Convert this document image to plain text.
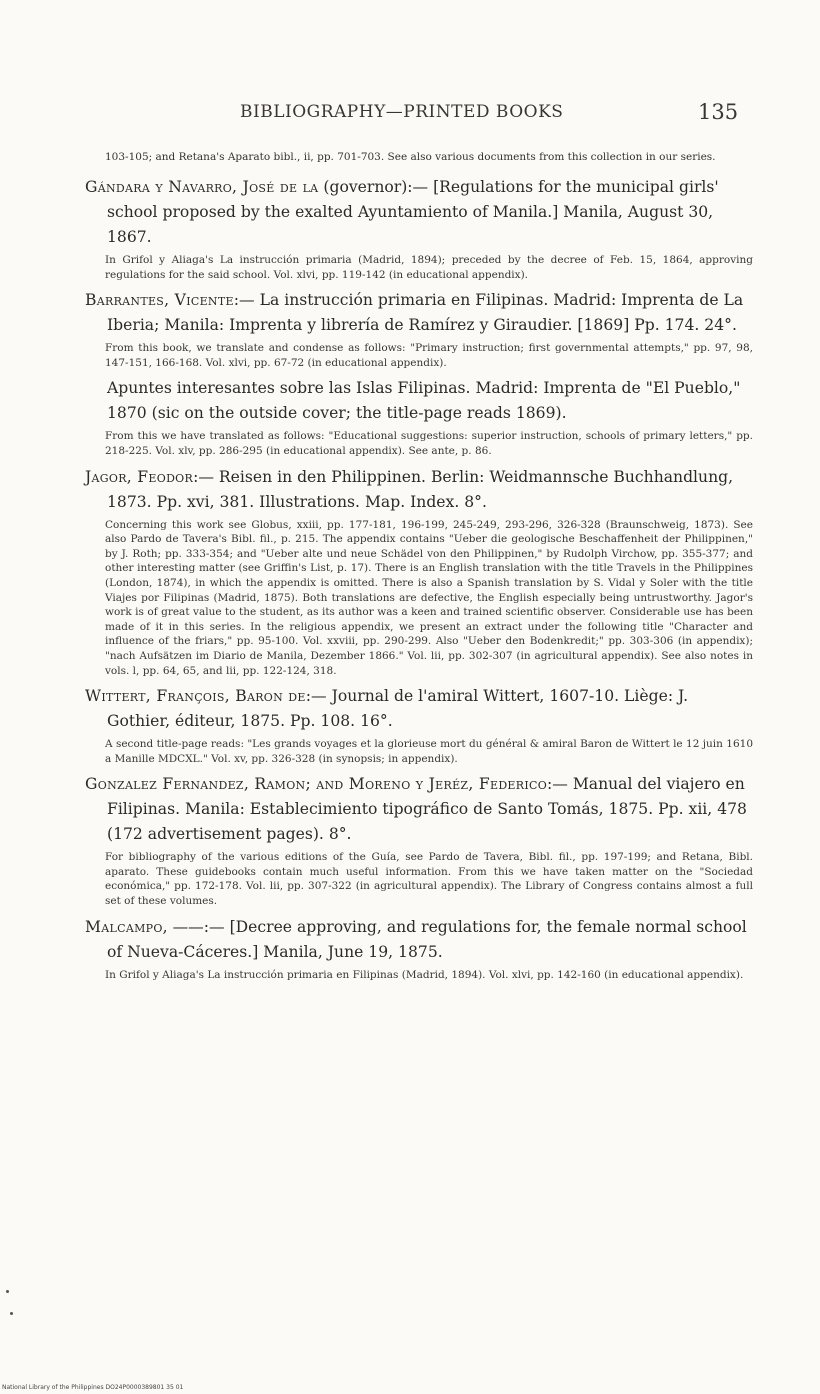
BIBLIOGRAPHY—PRINTED BOOKS	135

103-105; and Retana's Aparato bibl., ii, pp. 701-703. See also various documents from this collection in our series.

Gándara y Navarro, José de la (governor):— [Regulations for the municipal girls' school proposed by the exalted Ayuntamiento of Manila.] Manila, August 30, 1867.

In Grifol y Aliaga's La instrucción primaria (Madrid, 1894); preceded by the decree of Feb. 15, 1864, approving regulations for the said school. Vol. xlvi, pp. 119-142 (in educational appendix).

Barrantes, Vicente:— La instrucción primaria en Filipinas. Madrid: Imprenta de La Iberia; Manila: Imprenta y librería de Ramírez y Giraudier. [1869] Pp. 174. 24°.

From this book, we translate and condense as follows: "Primary instruction; first governmental attempts," pp. 97, 98, 147-151, 166-168. Vol. xlvi, pp. 67-72 (in educational appendix).

Apuntes interesantes sobre las Islas Filipinas. Madrid: Imprenta de "El Pueblo," 1870 (sic on the outside cover; the title-page reads 1869).

From this we have translated as follows: "Educational suggestions: superior instruction, schools of primary letters," pp. 218-225. Vol. xlv, pp. 286-295 (in educational appendix). See ante, p. 86.

Jagor, Feodor:— Reisen in den Philippinen. Berlin: Weidmannsche Buchhandlung, 1873. Pp. xvi, 381. Illustrations. Map. Index. 8°.

Concerning this work see Globus, xxiii, pp. 177-181, 196-199, 245-249, 293-296, 326-328 (Braunschweig, 1873). See also Pardo de Tavera's Bibl. fil., p. 215. The appendix contains "Ueber die geologische Beschaffenheit der Philippinen," by J. Roth; pp. 333-354; and "Ueber alte und neue Schädel von den Philippinen," by Rudolph Virchow, pp. 355-377; and other interesting matter (see Griffin's List, p. 17). There is an English translation with the title Travels in the Philippines (London, 1874), in which the appendix is omitted. There is also a Spanish translation by S. Vidal y Soler with the title Viajes por Filipinas (Madrid, 1875). Both translations are defective, the English especially being untrustworthy. Jagor's work is of great value to the student, as its author was a keen and trained scientific observer. Considerable use has been made of it in this series. In the religious appendix, we present an extract under the following title "Character and influence of the friars," pp. 95-100. Vol. xxviii, pp. 290-299. Also "Ueber den Bodenkredit;" pp. 303-306 (in appendix); "nach Aufsätzen im Diario de Manila, Dezember 1866." Vol. lii, pp. 302-307 (in agricultural appendix). See also notes in vols. l, pp. 64, 65, and lii, pp. 122-124, 318.

Wittert, François, Baron de:— Journal de l'amiral Wittert, 1607-10. Liège: J. Gothier, éditeur, 1875. Pp. 108. 16°.

A second title-page reads: "Les grands voyages et la glorieuse mort du général & amiral Baron de Wittert le 12 juin 1610 a Manille MDCXL." Vol. xv, pp. 326-328 (in synopsis; in appendix).

Gonzalez Fernandez, Ramon; and Moreno y Jeréz, Federico:— Manual del viajero en Filipinas. Manila: Establecimiento tipográfico de Santo Tomás, 1875. Pp. xii, 478 (172 advertisement pages). 8°.

For bibliography of the various editions of the Guía, see Pardo de Tavera, Bibl. fil., pp. 197-199; and Retana, Bibl. aparato. These guidebooks contain much useful information. From this we have taken matter on the "Sociedad económica," pp. 172-178. Vol. lii, pp. 307-322 (in agricultural appendix). The Library of Congress contains almost a full set of these volumes.

Malcampo, ——:— [Decree approving, and regulations for, the female normal school of Nueva-Cáceres.] Manila, June 19, 1875.

In Grifol y Aliaga's La instrucción primaria en Filipinas (Madrid, 1894). Vol. xlvi, pp. 142-160 (in educational appendix).

National Library of the Philippines DO24P0000389801 35 01
